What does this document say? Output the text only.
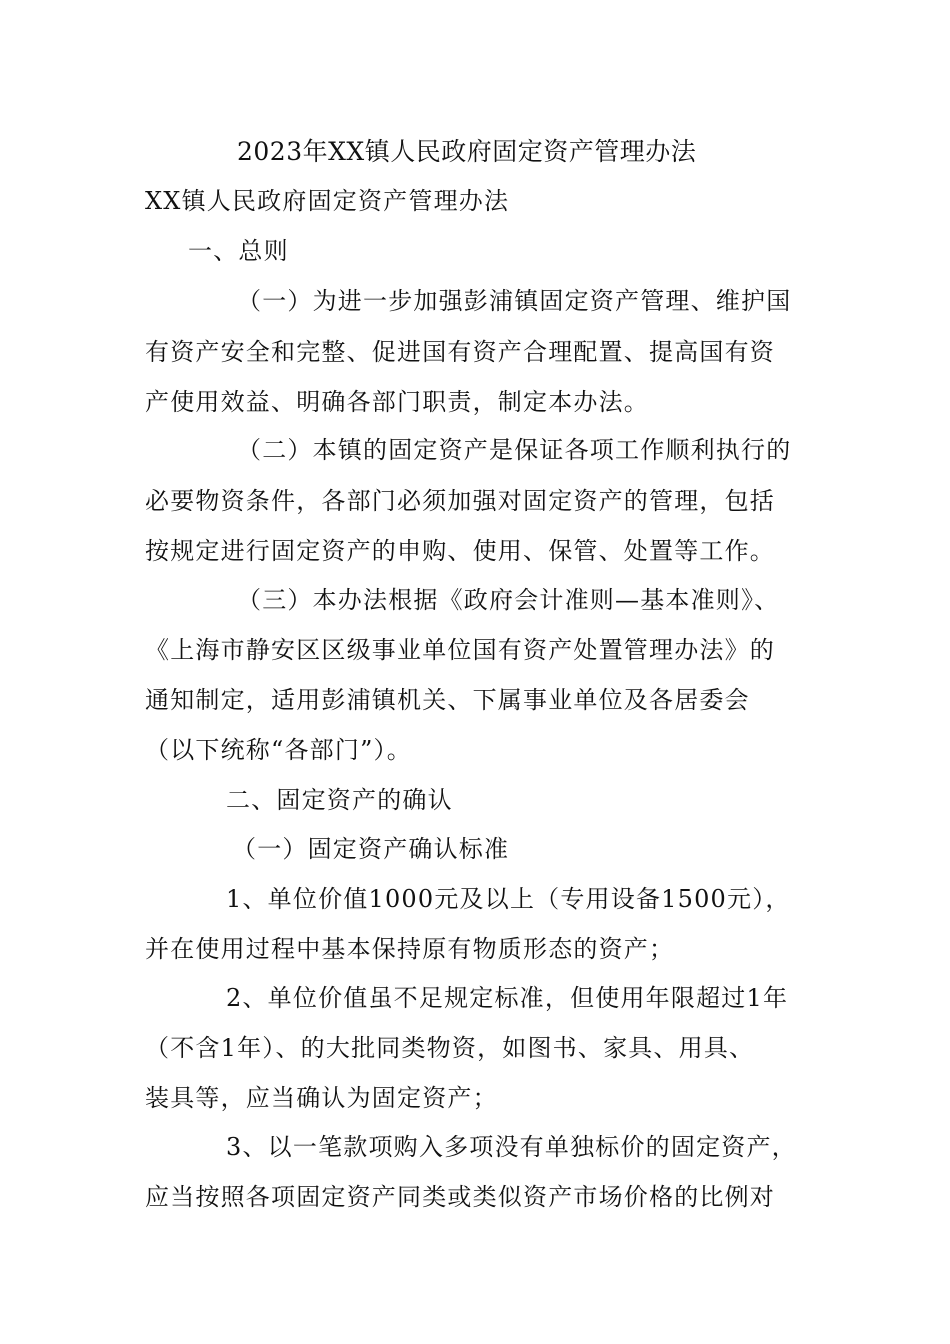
2023年XX镇人民政府固定资产管理办法
XX镇人民政府固定资产管理办法
一、总则
（一）为进一步加强彭浦镇固定资产管理、维护国
有资产安全和完整、促进国有资产合理配置、提高国有资
产使用效益、明确各部门职责，制定本办法。
（二）本镇的固定资产是保证各项工作顺利执行的
必要物资条件，各部门必须加强对固定资产的管理，包括
按规定进行固定资产的申购、使用、保管、处置等工作。
（三）本办法根据《政府会计准则—基本准则》、
《上海市静安区区级事业单位国有资产处置管理办法》的
通知制定，适用彭浦镇机关、下属事业单位及各居委会
（以下统称“各部门”）。
二、固定资产的确认
（一）固定资产确认标准
1、单位价值1000元及以上（专用设备1500元），
并在使用过程中基本保持原有物质形态的资产；
2、单位价值虽不足规定标准，但使用年限超过1年
（不含1年）、的大批同类物资，如图书、家具、用具、
装具等，应当确认为固定资产；
3、以一笔款项购入多项没有单独标价的固定资产，
应当按照各项固定资产同类或类似资产市场价格的比例对
